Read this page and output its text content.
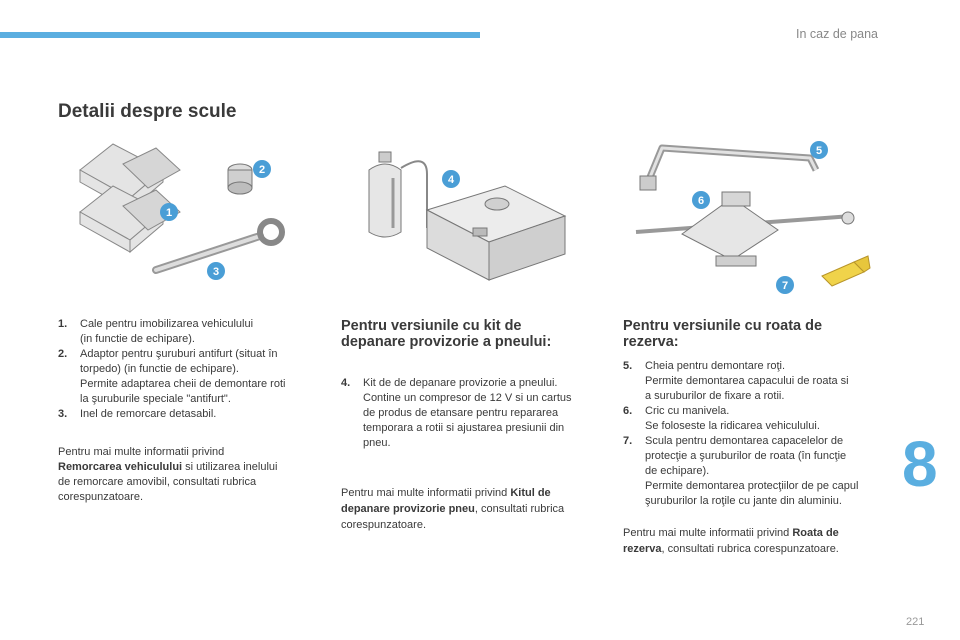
In caz de pana
Detalii despre scule
1
2
3
4
5
6
7
1. Cale pentru imobilizarea vehiculului
(in functie de echipare).
2. Adaptor pentru şuruburi antifurt (situat în
torpedo) (in functie de echipare).
Permite adaptarea cheii de demontare roti
la şuruburile speciale "antifurt".
3. Inel de remorcare detasabil.
Pentru mai multe informatii privind
Remorcarea vehiculului si utilizarea inelului
de remorcare amovibil, consultati rubrica
corespunzatoare.
Pentru versiunile cu kit de
depanare provizorie a pneului:
4. Kit de de depanare provizorie a pneului.
Contine un compresor de 12 V si un cartus
de produs de etansare pentru repararea
temporara a rotii si ajustarea presiunii din
pneu.
Pentru mai multe informatii privind Kitul de
depanare provizorie pneu, consultati rubrica
corespunzatoare.
Pentru versiunile cu roata de
rezerva:
5. Cheia pentru demontare roţi.
Permite demontarea capacului de roata si
a suruburilor de fixare a rotii.
6. Cric cu manivela.
Se foloseste la ridicarea vehiculului.
7. Scula pentru demontarea capacelelor de
protecţie a şuruburilor de roata (în funcţie
de echipare).
Permite demontarea protecţiilor de pe capul
şuruburilor la roţile cu jante din aluminiu.
Pentru mai multe informatii privind Roata de
rezerva, consultati rubrica corespunzatoare.
8
221
